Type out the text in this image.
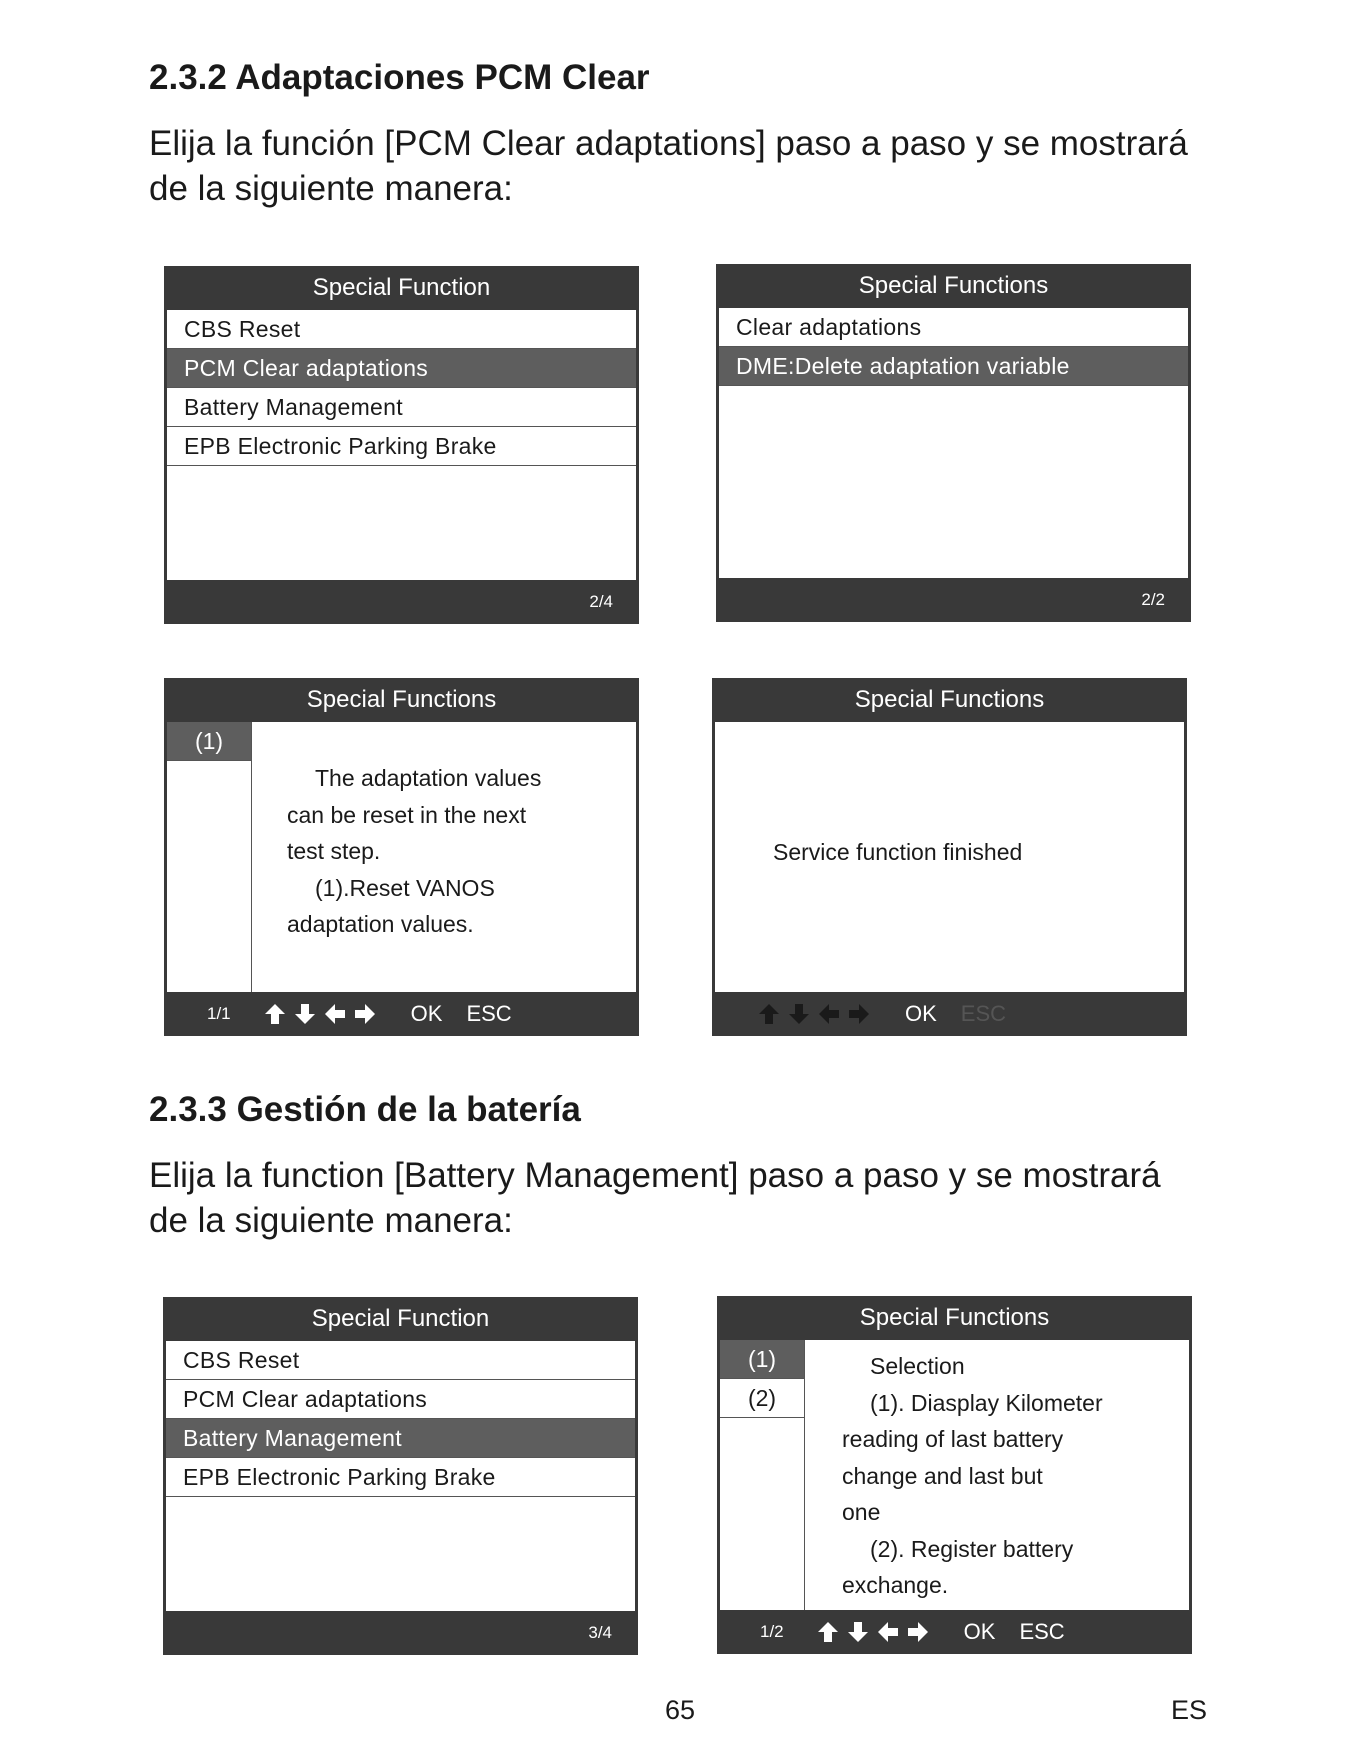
2.3.2 Adaptaciones PCM Clear

Elija la función [PCM Clear adaptations] paso a paso y se mostrará
de la siguiente manera:

Special Function
CBS Reset
PCM Clear adaptations
Battery Management
EPB Electronic Parking Brake
2/4
Special Functions
Clear adaptations
DME:Delete adaptation variable
2/2
Special Functions
(1)
The adaptation values
can be reset in the next
test step.
(1).Reset VANOS
adaptation values.
1/1	OK ESC
Special Functions
Service function finished
OK ESC
2.3.3 Gestión de la batería

Elija la function [Battery Management] paso a paso y se mostrará
de la siguiente manera:

Special Function
CBS Reset
PCM Clear adaptations
Battery Management
EPB Electronic Parking Brake
3/4
Special Functions
(1)
(2)
Selection
(1). Diasplay Kilometer
reading of last battery
change and last but
one
(2). Register battery
exchange.
1/2	OK ESC
65	ES
